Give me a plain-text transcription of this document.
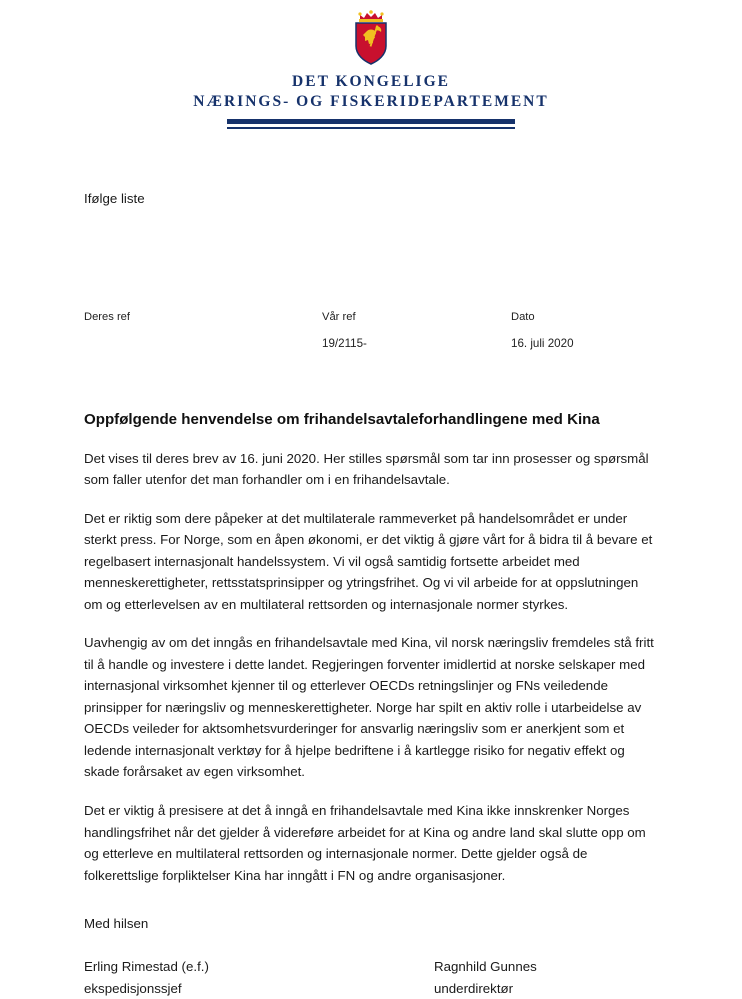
DET KONGELIGE
NÆRINGS- OG FISKERIDEPARTEMENT
Ifølge liste
Deres ref	Vår ref
19/2115-
Dato
16. juli 2020
Oppfølgende henvendelse om frihandelsavtaleforhandlingene med Kina

Det vises til deres brev av 16. juni 2020. Her stilles spørsmål som tar inn prosesser og spørsmål som faller utenfor det man forhandler om i en frihandelsavtale.

Det er riktig som dere påpeker at det multilaterale rammeverket på handelsområdet er under sterkt press. For Norge, som en åpen økonomi, er det viktig å gjøre vårt for å bidra til å bevare et regelbasert internasjonalt handelssystem. Vi vil også samtidig fortsette arbeidet med menneskerettigheter, rettsstatsprinsipper og ytringsfrihet. Og vi vil arbeide for at oppslutningen om og etterlevelsen av en multilateral rettsorden og internasjonale normer styrkes.

Uavhengig av om det inngås en frihandelsavtale med Kina, vil norsk næringsliv fremdeles stå fritt til å handle og investere i dette landet. Regjeringen forventer imidlertid at norske selskaper med internasjonal virksomhet kjenner til og etterlever OECDs retningslinjer og FNs veiledende prinsipper for næringsliv og menneskerettigheter. Norge har spilt en aktiv rolle i utarbeidelse av OECDs veileder for aktsomhetsvurderinger for ansvarlig næringsliv som er anerkjent som et ledende internasjonalt verktøy for å hjelpe bedriftene i å kartlegge risiko for negativ effekt og skade forårsaket av egen virksomhet.

Det er viktig å presisere at det å inngå en frihandelsavtale med Kina ikke innskrenker Norges handlingsfrihet når det gjelder å videreføre arbeidet for at Kina og andre land skal slutte opp om og etterleve en multilateral rettsorden og internasjonale normer. Dette gjelder også de folkerettslige forpliktelser Kina har inngått i FN og andre organisasjoner.

Med hilsen
Erling Rimestad (e.f.)
ekspedisjonssjef
Ragnhild Gunnes
underdirektør
